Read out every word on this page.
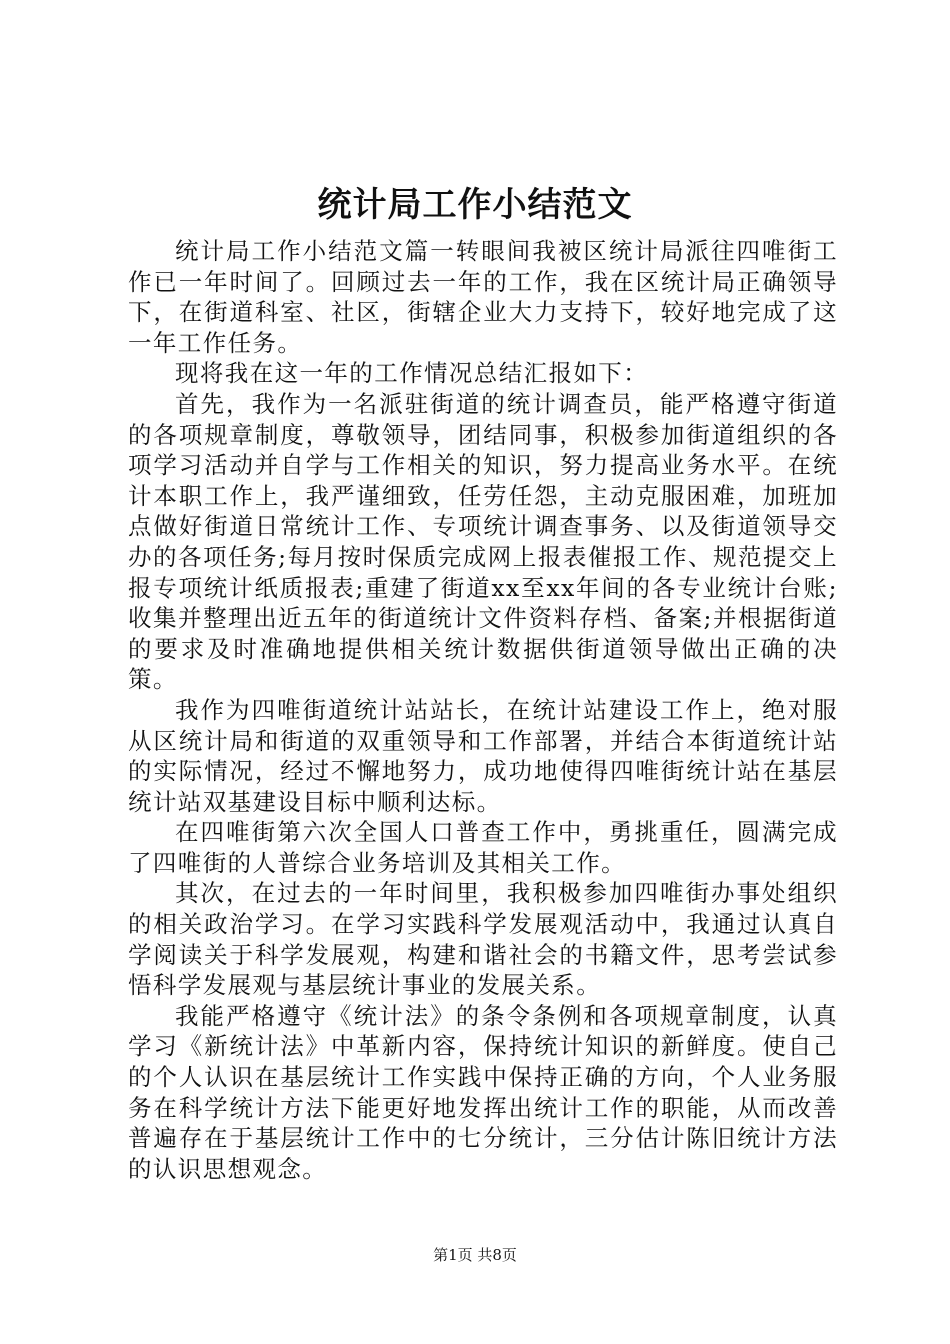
统计局工作小结范文

统计局工作小结范文篇一转眼间我被区统计局派往四唯街工作已一年时间了。回顾过去一年的工作，我在区统计局正确领导下，在街道科室、社区，街辖企业大力支持下，较好地完成了这一年工作任务。

现将我在这一年的工作情况总结汇报如下：

首先，我作为一名派驻街道的统计调查员，能严格遵守街道的各项规章制度，尊敬领导，团结同事，积极参加街道组织的各项学习活动并自学与工作相关的知识，努力提高业务水平。在统计本职工作上，我严谨细致，任劳任怨，主动克服困难，加班加点做好街道日常统计工作、专项统计调查事务、以及街道领导交办的各项任务;每月按时保质完成网上报表催报工作、规范提交上报专项统计纸质报表;重建了街道xx至xx年间的各专业统计台账;收集并整理出近五年的街道统计文件资料存档、备案;并根据街道的要求及时准确地提供相关统计数据供街道领导做出正确的决策。

我作为四唯街道统计站站长，在统计站建设工作上，绝对服从区统计局和街道的双重领导和工作部署，并结合本街道统计站的实际情况，经过不懈地努力，成功地使得四唯街统计站在基层统计站双基建设目标中顺利达标。

在四唯街第六次全国人口普查工作中，勇挑重任，圆满完成了四唯街的人普综合业务培训及其相关工作。

其次，在过去的一年时间里，我积极参加四唯街办事处组织的相关政治学习。在学习实践科学发展观活动中，我通过认真自学阅读关于科学发展观，构建和谐社会的书籍文件，思考尝试参悟科学发展观与基层统计事业的发展关系。

我能严格遵守《统计法》的条令条例和各项规章制度，认真学习《新统计法》中革新内容，保持统计知识的新鲜度。使自己的个人认识在基层统计工作实践中保持正确的方向，个人业务服务在科学统计方法下能更好地发挥出统计工作的职能，从而改善普遍存在于基层统计工作中的七分统计，三分估计陈旧统计方法的认识思想观念。

第1页 共8页
